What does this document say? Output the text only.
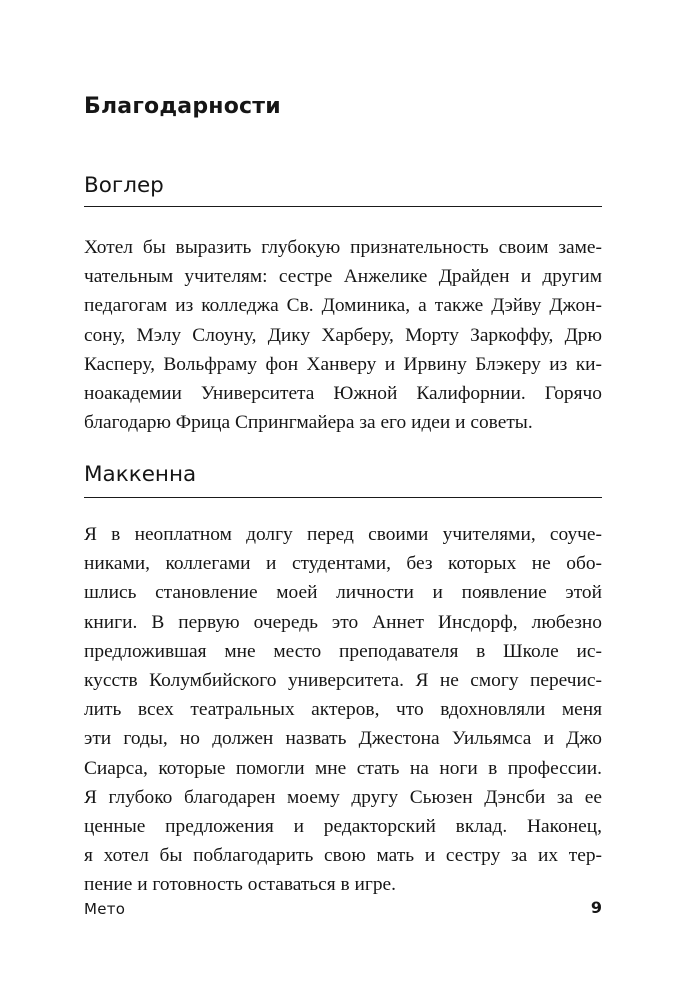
Благодарности
Воглер

Хотел бы выразить глубокую признательность своим заме-
чательным учителям: сестре Анжелике Драйден и другим
педагогам из колледжа Св. Доминика, а также Дэйву Джон-
сону, Мэлу Слоуну, Дику Харберу, Морту Заркоффу, Дрю
Касперу, Вольфраму фон Ханверу и Ирвину Блэкеру из ки-
ноакадемии Университета Южной Калифорнии. Горячо
благодарю Фрица Спрингмайера за его идеи и советы.

Маккенна

Я в неоплатном долгу перед своими учителями, соуче-
никами, коллегами и студентами, без которых не обо-
шлись становление моей личности и появление этой
книги. В первую очередь это Аннет Инсдорф, любезно
предложившая мне место преподавателя в Школе ис-
кусств Колумбийского университета. Я не смогу перечис-
лить всех театральных актеров, что вдохновляли меня
эти годы, но должен назвать Джестона Уильямса и Джо
Сиарса, которые помогли мне стать на ноги в профессии.
Я глубоко благодарен моему другу Сьюзен Дэнсби за ее
ценные предложения и редакторский вклад. Наконец,
я хотел бы поблагодарить свою мать и сестру за их тер-
пение и готовность оставаться в игре.

Мето	9
